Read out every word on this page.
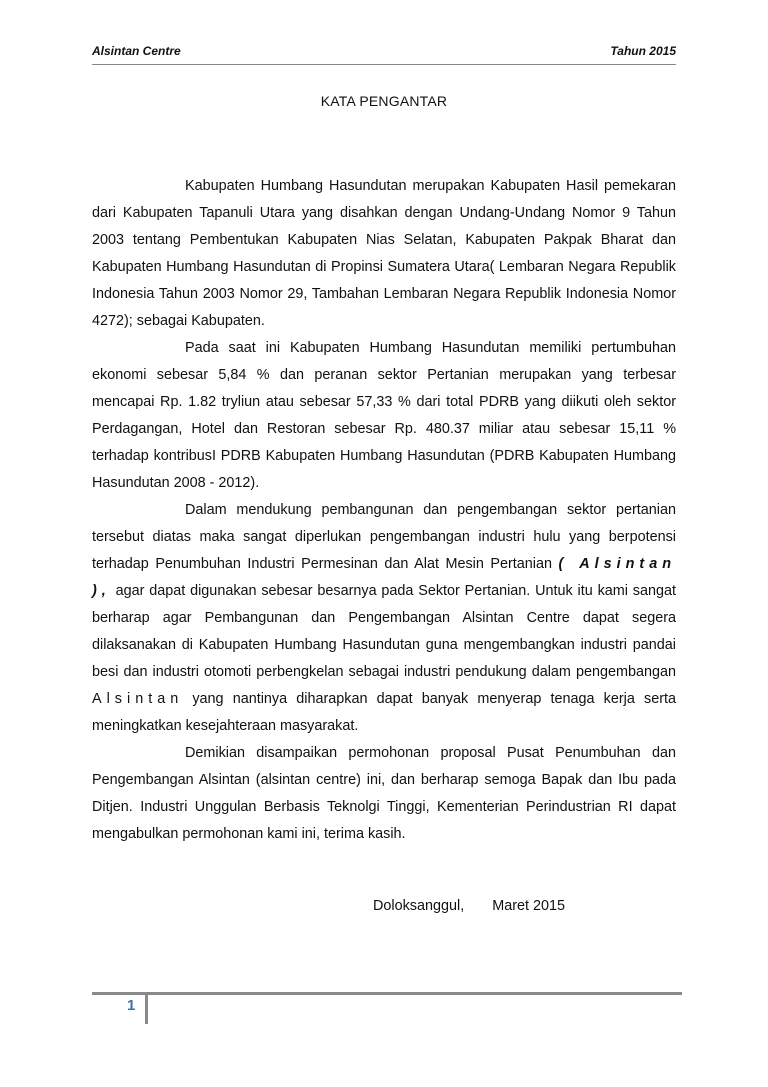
Alsintan Centre	Tahun 2015
KATA PENGANTAR

Kabupaten Humbang Hasundutan merupakan Kabupaten Hasil pemekaran dari Kabupaten Tapanuli Utara yang disahkan dengan Undang-Undang Nomor 9 Tahun 2003 tentang Pembentukan Kabupaten Nias Selatan, Kabupaten Pakpak Bharat dan Kabupaten Humbang Hasundutan di Propinsi Sumatera Utara( Lembaran Negara Republik Indonesia Tahun 2003 Nomor 29, Tambahan Lembaran Negara Republik Indonesia Nomor 4272); sebagai Kabupaten.

Pada saat ini Kabupaten Humbang Hasundutan memiliki pertumbuhan ekonomi sebesar 5,84 % dan peranan sektor Pertanian merupakan yang terbesar mencapai Rp. 1.82 tryliun atau sebesar 57,33 % dari total PDRB yang diikuti oleh sektor Perdagangan, Hotel dan Restoran sebesar Rp. 480.37 miliar atau sebesar 15,11 % terhadap kontribusI PDRB Kabupaten Humbang Hasundutan (PDRB Kabupaten Humbang Hasundutan 2008 - 2012).

Dalam mendukung pembangunan dan pengembangan sektor pertanian tersebut diatas maka sangat diperlukan pengembangan industri hulu yang berpotensi terhadap Penumbuhan Industri Permesinan dan Alat Mesin Pertanian ( Alsintan ), agar dapat digunakan sebesar besarnya pada Sektor Pertanian. Untuk itu kami sangat berharap agar Pembangunan dan Pengembangan Alsintan Centre dapat segera dilaksanakan di Kabupaten Humbang Hasundutan guna mengembangkan industri pandai besi dan industri otomoti perbengkelan sebagai industri pendukung dalam pengembangan Alsintan yang nantinya diharapkan dapat banyak menyerap tenaga kerja serta meningkatkan kesejahteraan masyarakat.

Demikian disampaikan permohonan proposal Pusat Penumbuhan dan Pengembangan Alsintan (alsintan centre) ini, dan berharap semoga Bapak dan Ibu pada Ditjen. Industri Unggulan Berbasis Teknolgi Tinggi, Kementerian Perindustrian RI dapat mengabulkan permohonan kami ini, terima kasih.

Doloksanggul, Maret 2015
1
